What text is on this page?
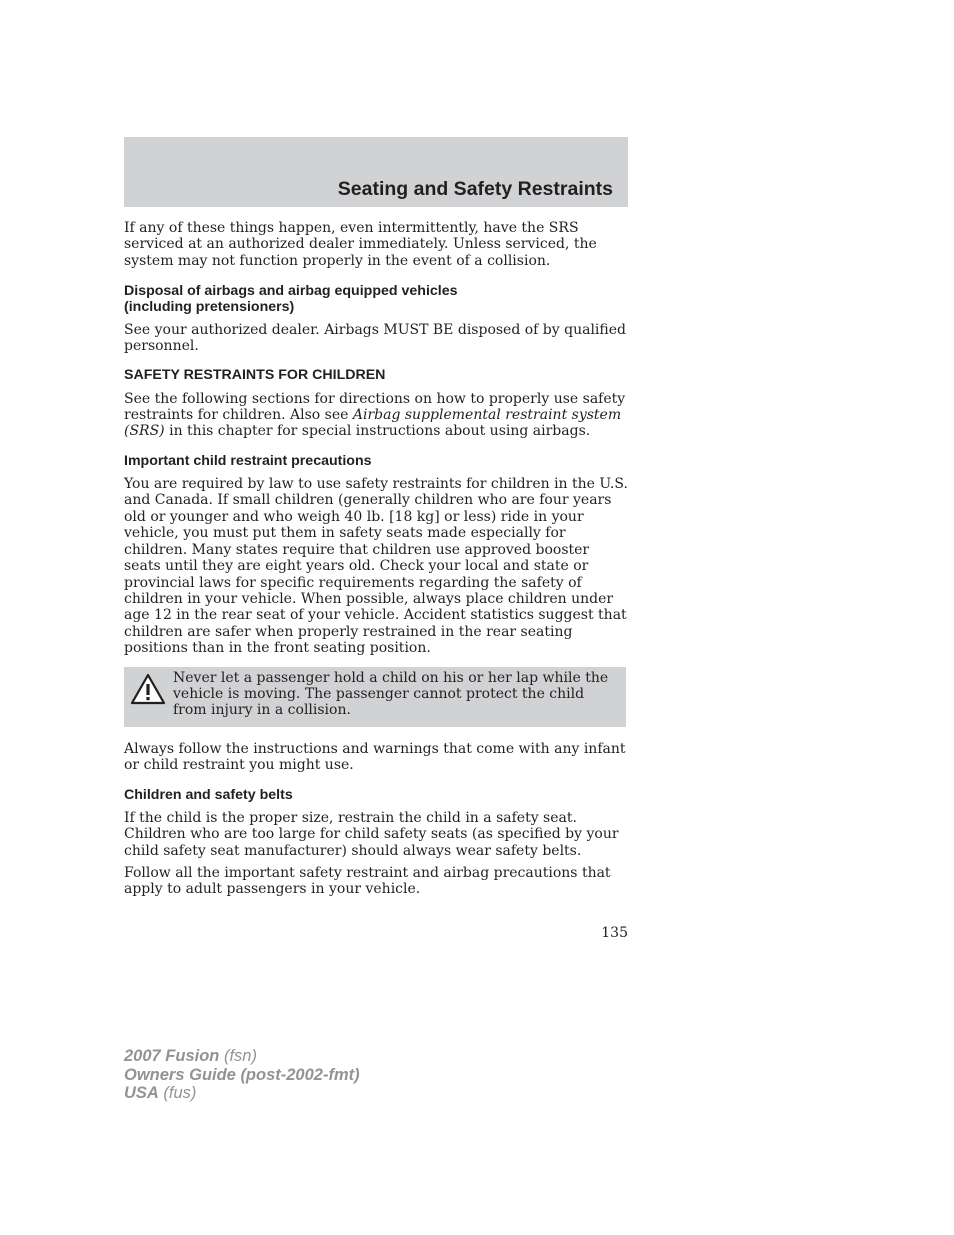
Seating and Safety Restraints

If any of these things happen, even intermittently, have the SRS serviced at an authorized dealer immediately. Unless serviced, the system may not function properly in the event of a collision.

Disposal of airbags and airbag equipped vehicles
(including pretensioners)

See your authorized dealer. Airbags MUST BE disposed of by qualified personnel.

SAFETY RESTRAINTS FOR CHILDREN

See the following sections for directions on how to properly use safety restraints for children. Also see Airbag supplemental restraint system (SRS) in this chapter for special instructions about using airbags.

Important child restraint precautions

You are required by law to use safety restraints for children in the U.S. and Canada. If small children (generally children who are four years old or younger and who weigh 40 lb. [18 kg] or less) ride in your vehicle, you must put them in safety seats made especially for children. Many states require that children use approved booster seats until they are eight years old. Check your local and state or provincial laws for specific requirements regarding the safety of children in your vehicle. When possible, always place children under age 12 in the rear seat of your vehicle. Accident statistics suggest that children are safer when properly restrained in the rear seating positions than in the front seating position.

Never let a passenger hold a child on his or her lap while the vehicle is moving. The passenger cannot protect the child from injury in a collision.

Always follow the instructions and warnings that come with any infant or child restraint you might use.

Children and safety belts

If the child is the proper size, restrain the child in a safety seat. Children who are too large for child safety seats (as specified by your child safety seat manufacturer) should always wear safety belts.

Follow all the important safety restraint and airbag precautions that apply to adult passengers in your vehicle.

135
2007 Fusion (fsn)
Owners Guide (post-2002-fmt)
USA (fus)
